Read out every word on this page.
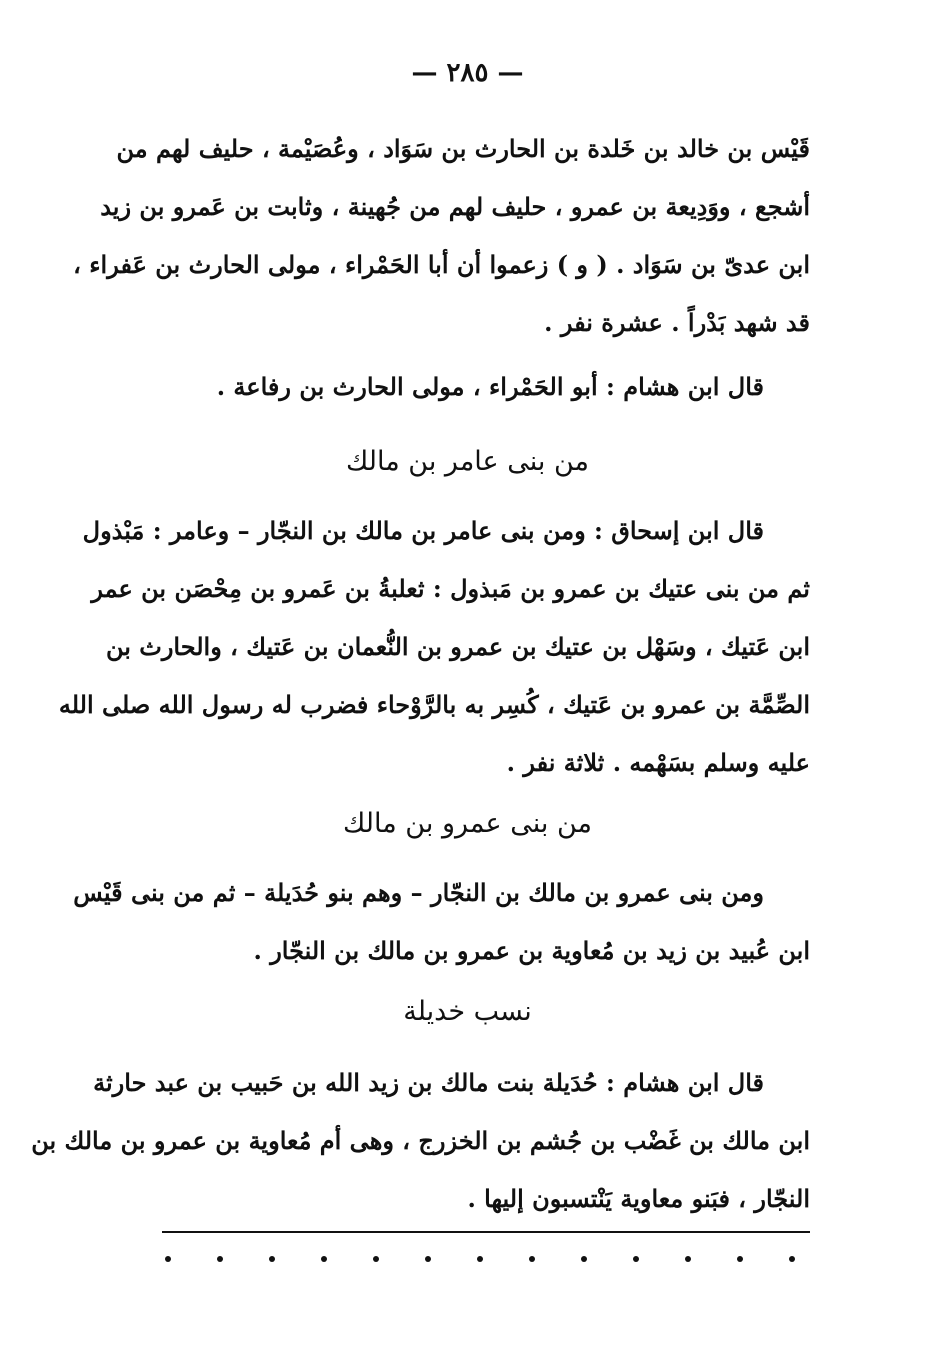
— ٢٨٥ —
قَيْس بن خالد بن خَلدة بن الحارث بن سَوَاد ، وعُصَيْمة ، حليف لهم من
أشجع ، ووَدِيعة بن عمرو ، حليف لهم من جُهينة ، وثابت بن عَمرو بن زيد
ابن عدىّ بن سَوَاد . ( و ) زعموا أن أبا الحَمْراء ، مولى الحارث بن عَفراء ،
قد شهد بَدْراً . عشرة نفر .
قال ابن هشام : أبو الحَمْراء ، مولى الحارث بن رفاعة .
من بنى عامر بن مالك
قال ابن إسحاق : ومن بنى عامر بن مالك بن النجّار – وعامر : مَبْذول
ثم من بنى عتيك بن عمرو بن مَبذول : ثعلبةُ بن عَمرو بن مِحْصَن بن عمر
ابن عَتيك ، وسَهْل بن عتيك بن عمرو بن النُّعمان بن عَتيك ، والحارث بن
الصِّمَّة بن عمرو بن عَتيك ، كُسِر به بالرَّوْحاء فضرب له رسول الله صلى الله
عليه وسلم بسَهْمه . ثلاثة نفر .
من بنى عمرو بن مالك
ومن بنى عمرو بن مالك بن النجّار – وهم بنو حُدَيلة – ثم من بنى قَيْس
ابن عُبيد بن زيد بن مُعاوية بن عمرو بن مالك بن النجّار .
نسب خديلة
قال ابن هشام : حُدَيلة بنت مالك بن زيد الله بن حَبيب بن عبد حارثة
ابن مالك بن غَضْب بن جُشم بن الخزرج ، وهى أم مُعاوية بن عمرو بن مالك بن
النجّار ، فبَنو معاوية يَنْتسبون إليها .
